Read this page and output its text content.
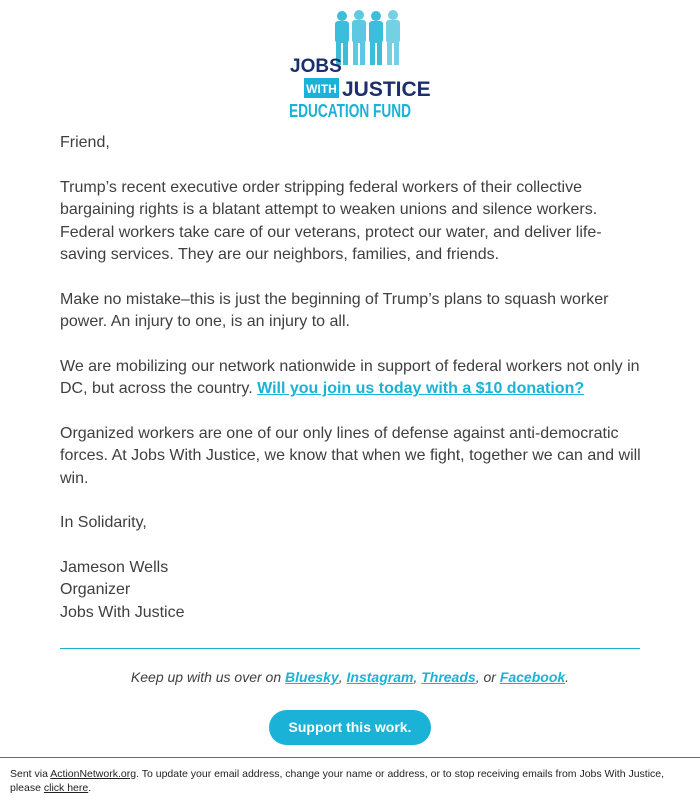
JOBS
WITH JUSTICE
EDUCATION FUND

Friend,

Trump’s recent executive order stripping federal workers of their collective bargaining rights is a blatant attempt to weaken unions and silence workers. Federal workers take care of our veterans, protect our water, and deliver life-saving services. They are our neighbors, families, and friends.

Make no mistake–this is just the beginning of Trump’s plans to squash worker power. An injury to one, is an injury to all.

We are mobilizing our network nationwide in support of federal workers not only in DC, but across the country. Will you join us today with a $10 donation?

Organized workers are one of our only lines of defense against anti-democratic forces. At Jobs With Justice, we know that when we fight, together we can and will win.

In Solidarity,

Jameson Wells

Organizer

Jobs With Justice

Keep up with us over on Bluesky, Instagram, Threads, or Facebook.
Support this work.
Sent via ActionNetwork.org. To update your email address, change your name or address, or to stop receiving emails from Jobs With Justice, please click here.
